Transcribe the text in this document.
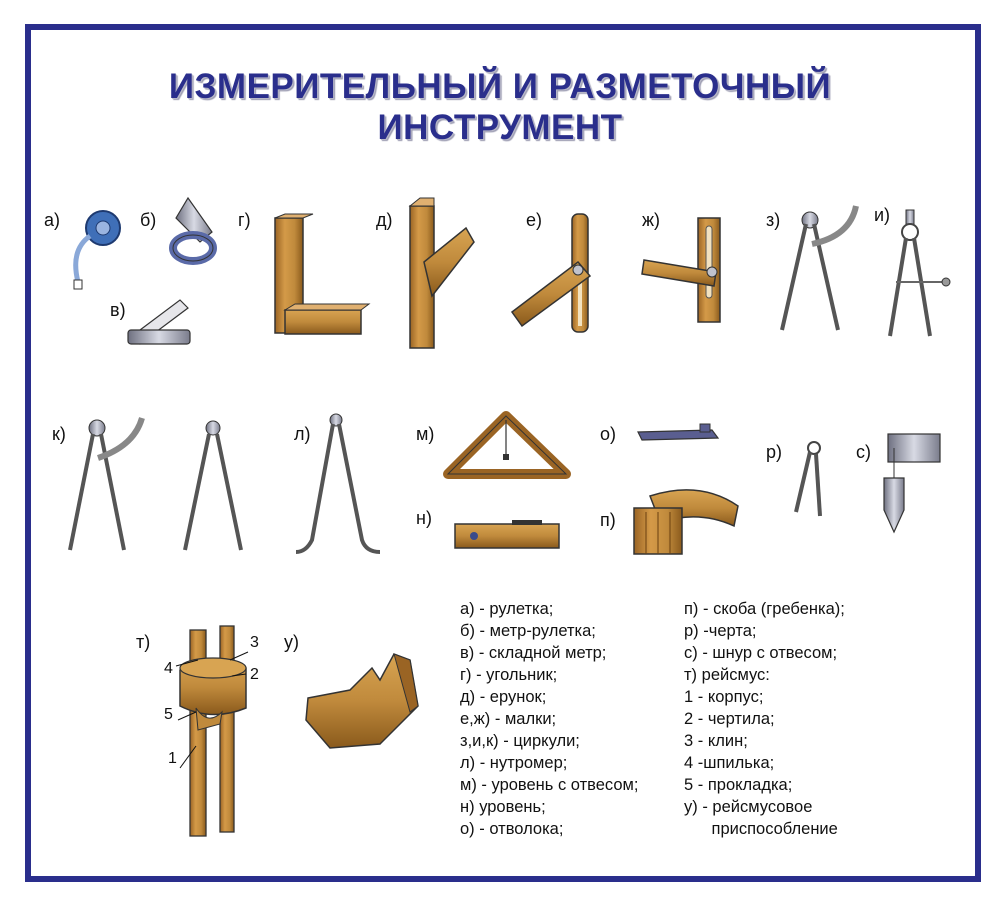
ИЗМЕРИТЕЛЬНЫЙ И РАЗМЕТОЧНЫЙ
ИНСТРУМЕНТ
а)	б)
в)
г)	д)	е)	ж)	з)	и)
к)	л)	м)
н)
о)
п)
р)	с)
т)	у)
1
2
3
4
5
а) - рулетка;
б) - метр-рулетка;
в) - складной метр;
г) - угольник;
д) - ерунок;
е,ж) - малки;
з,и,к) - циркули;
л) - нутромер;
м) - уровень с отвесом;
н) уровень;
о) - отволока;
п) - скоба (гребенка);
р) -черта;
с) - шнур с отвесом;
т) рейсмус:
1 - корпус;
2 - чертила;
3 - клин;
4 -шпилька;
5 - прокладка;
у) - рейсмусовое
приспособление
